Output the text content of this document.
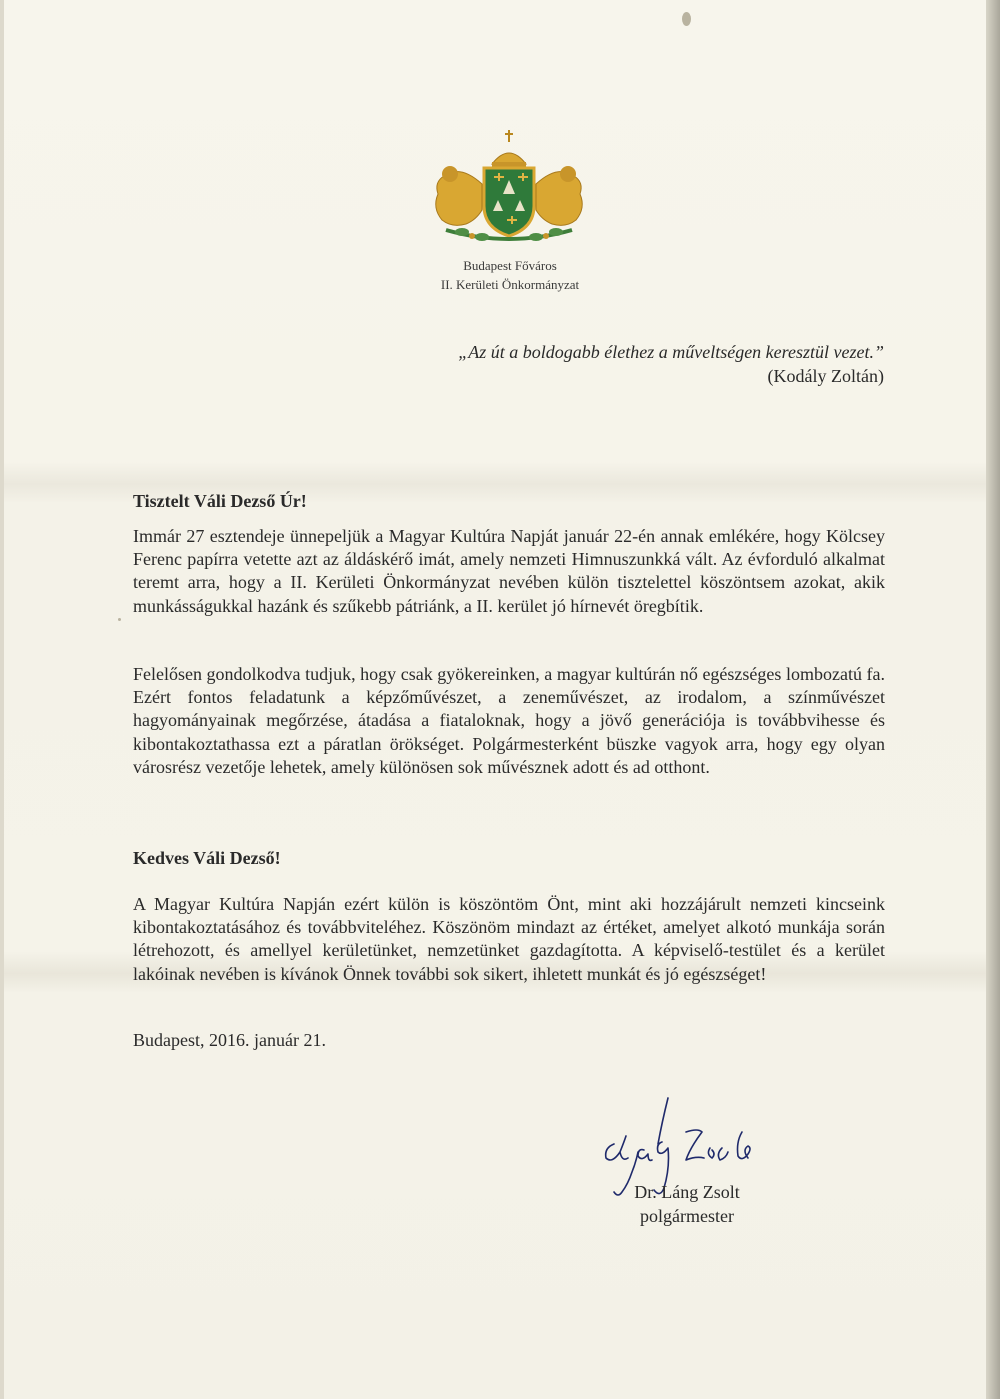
Budapest Főváros
II. Kerületi Önkormányzat
„Az út a boldogabb élethez a műveltségen keresztül vezet.”
(Kodály Zoltán)
Tisztelt Váli Dezső Úr!
Immár 27 esztendeje ünnepeljük a Magyar Kultúra Napját január 22-én annak emlékére, hogy Kölcsey Ferenc papírra vetette azt az áldáskérő imát, amely nemzeti Himnuszunkká vált. Az évforduló alkalmat teremt arra, hogy a II. Kerületi Önkormányzat nevében külön tisztelettel köszöntsem azokat, akik munkásságukkal hazánk és szűkebb pátriánk, a II. kerület jó hírnevét öregbítik.
Felelősen gondolkodva tudjuk, hogy csak gyökereinken, a magyar kultúrán nő egészséges lombozatú fa. Ezért fontos feladatunk a képzőművészet, a zeneművészet, az irodalom, a színművészet hagyományainak megőrzése, átadása a fiataloknak, hogy a jövő generációja is továbbvihesse és kibontakoztathassa ezt a páratlan örökséget. Polgármesterként büszke vagyok arra, hogy egy olyan városrész vezetője lehetek, amely különösen sok művésznek adott és ad otthont.
Kedves Váli Dezső!
A Magyar Kultúra Napján ezért külön is köszöntöm Önt, mint aki hozzájárult nemzeti kincseink kibontakoztatásához és továbbviteléhez. Köszönöm mindazt az értéket, amelyet alkotó munkája során létrehozott, és amellyel kerületünket, nemzetünket gazdagította. A képviselő-testület és a kerület lakóinak nevében is kívánok Önnek további sok sikert, ihletett munkát és jó egészséget!
Budapest, 2016. január 21.
Dr. Láng Zsolt
polgármester
